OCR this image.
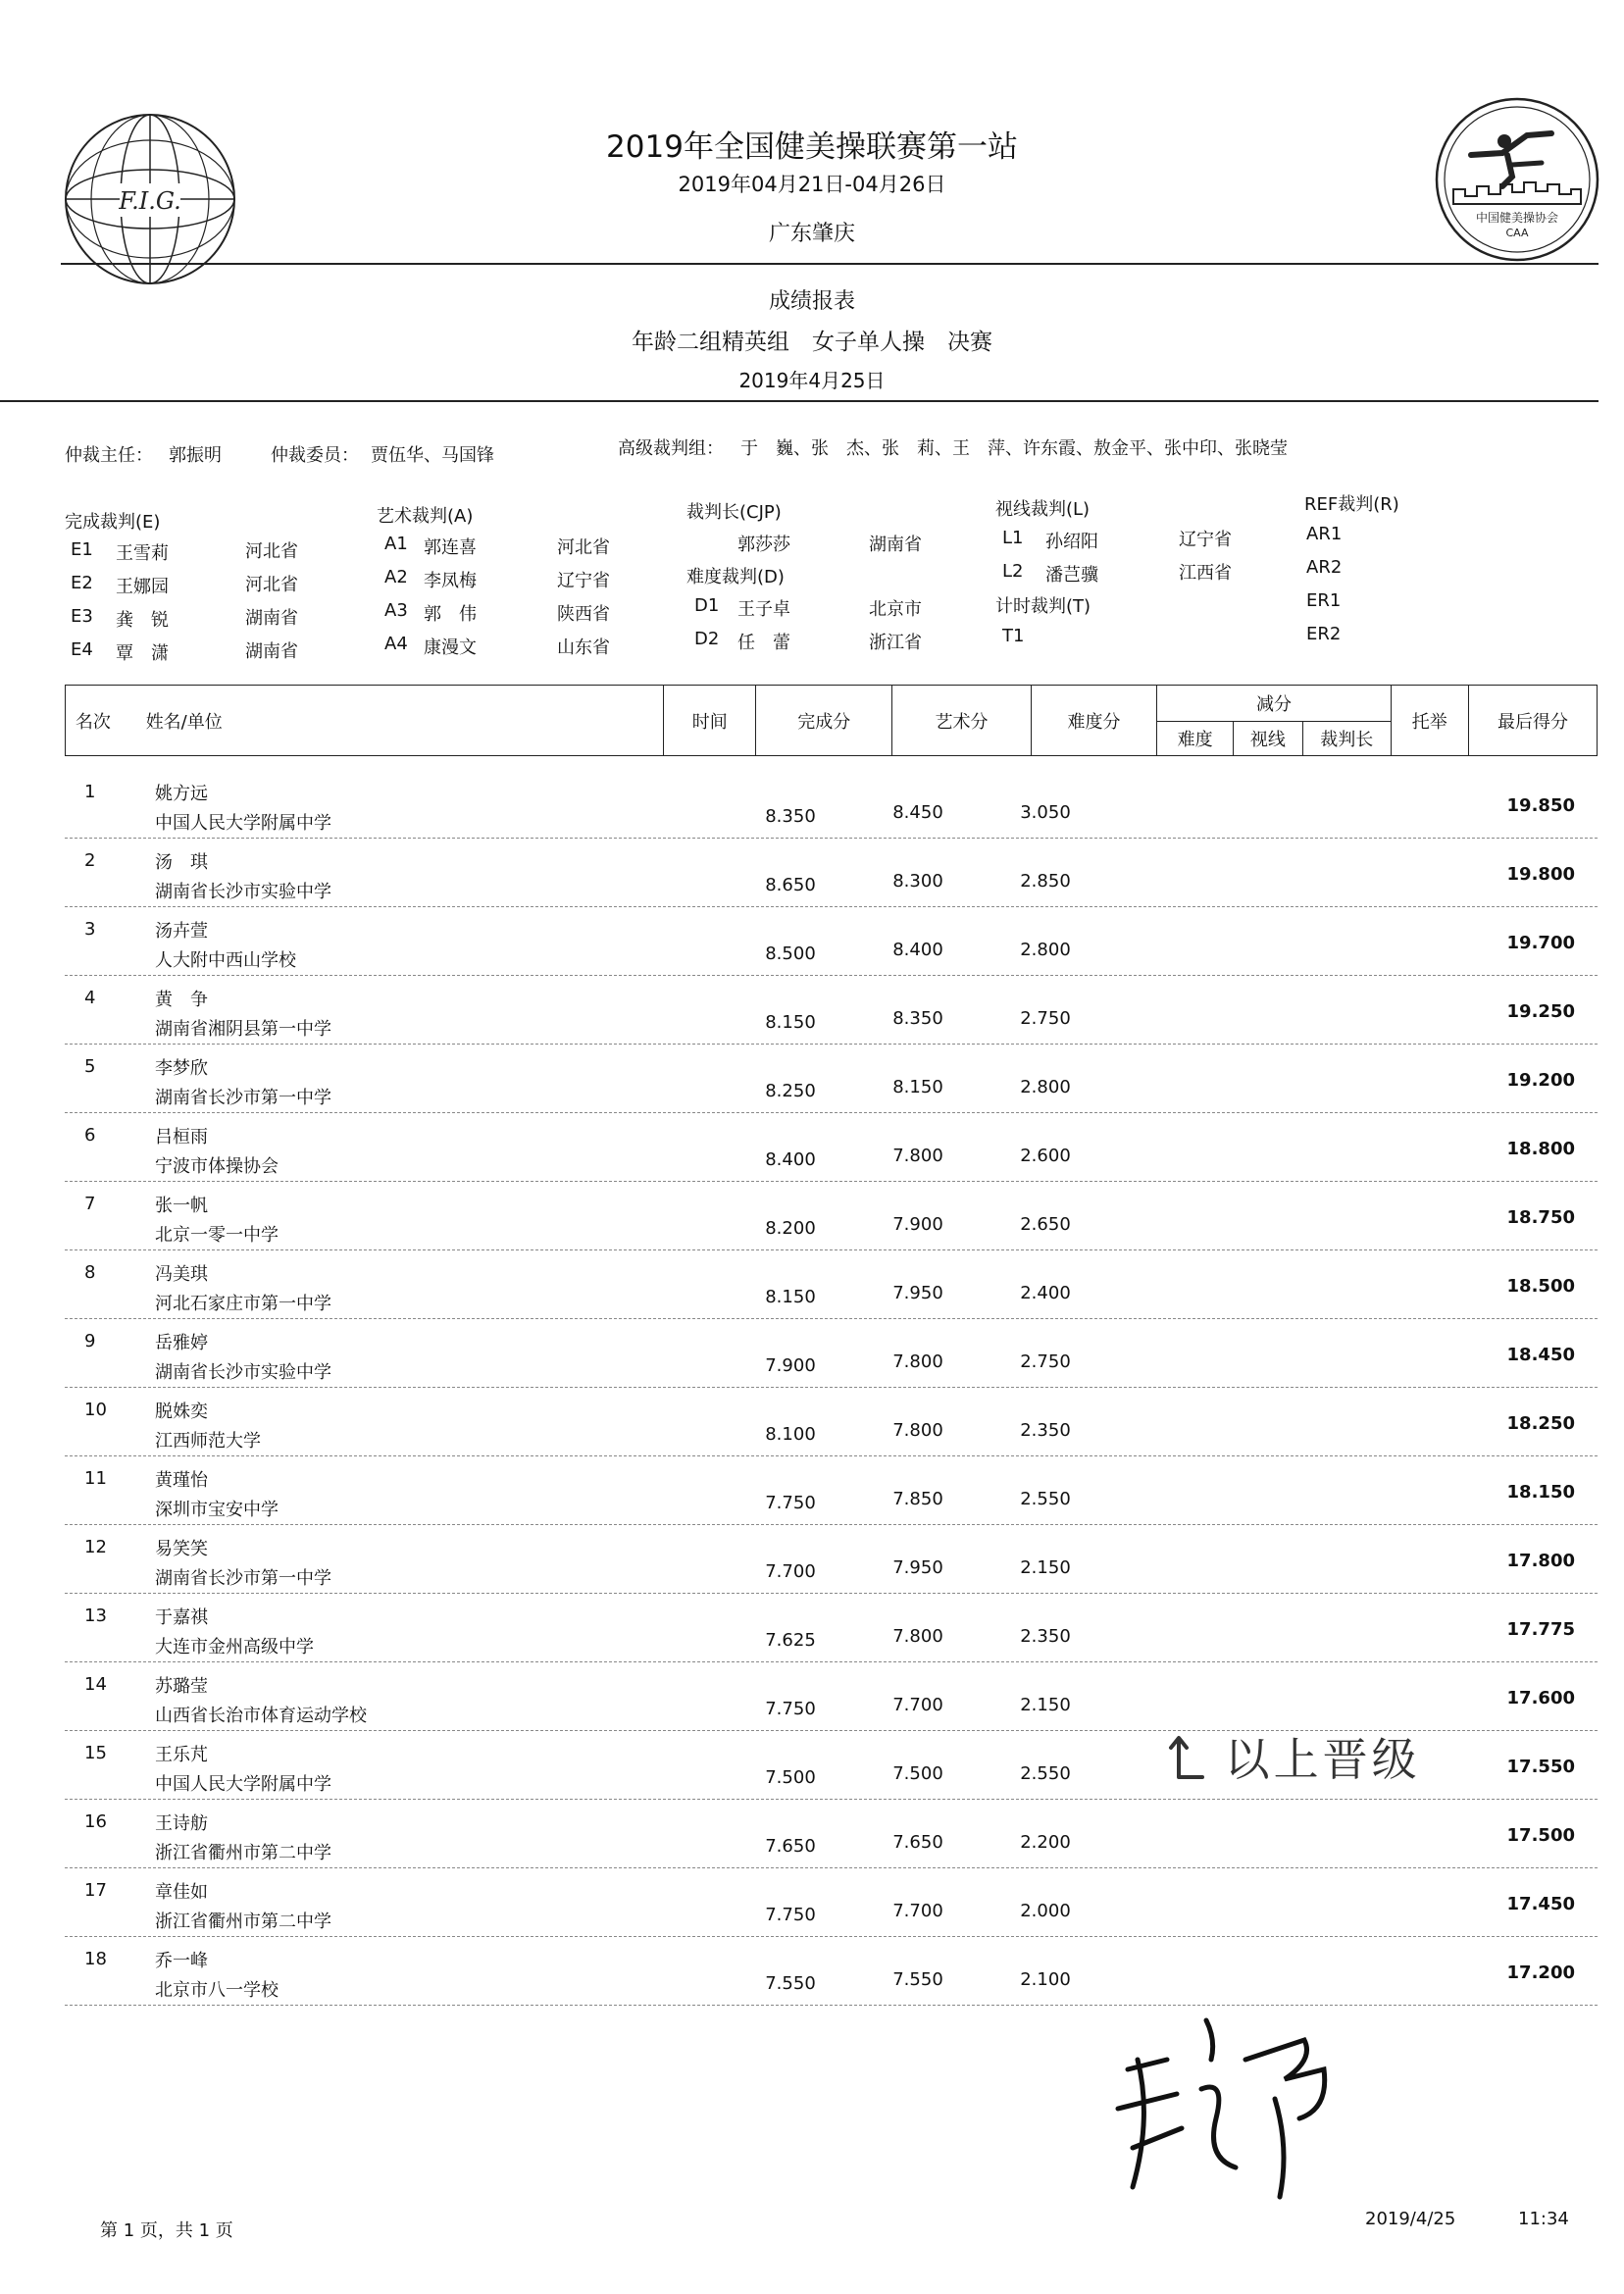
F.I.G.
中国健美操协会
CAA
2019年全国健美操联赛第一站
2019年04月21日-04月26日
广东肇庆
成绩报表
年龄二组精英组　女子单人操　决赛
2019年4月25日
仲裁主任： 郭振明	仲裁委员： 贾伍华、马国锋	高级裁判组： 于　巍、张　杰、张　莉、王　萍、许东霞、敖金平、张中印、张晓莹
完成裁判(E)	艺术裁判(A)	裁判长(CJP)	视线裁判(L)	REF裁判(R)
E1 王雪莉	河北省
E2 王娜园	河北省
E3 龚　锐	湖南省
E4 覃　潇	湖南省
A1 郭连喜	河北省
A2 李凤梅	辽宁省
A3 郭　伟	陕西省
A4 康漫文	山东省
郭莎莎	湖南省
难度裁判(D)
D1 王子卓	北京市
D2 任　蕾	浙江省
L1 孙绍阳	辽宁省
L2 潘芑骥	江西省
计时裁判(T)
T1
AR1
AR2
ER1
ER2
名次	姓名/单位	时间	完成分	艺术分	难度分	减分			托举	最后得分
						难度	视线	裁判长		
1	姚方远
中国人民大学附属中学	8.350	8.450	3.050	19.850
2	汤　琪
湖南省长沙市实验中学	8.650	8.300	2.850	19.800
3	汤卉萱
人大附中西山学校	8.500	8.400	2.800	19.700
4	黄　争
湖南省湘阴县第一中学	8.150	8.350	2.750	19.250
5	李梦欣
湖南省长沙市第一中学	8.250	8.150	2.800	19.200
6	吕桓雨
宁波市体操协会	8.400	7.800	2.600	18.800
7	张一帆
北京一零一中学	8.200	7.900	2.650	18.750
8	冯美琪
河北石家庄市第一中学	8.150	7.950	2.400	18.500
9	岳雅婷
湖南省长沙市实验中学	7.900	7.800	2.750	18.450
10	脱姝奕
江西师范大学	8.100	7.800	2.350	18.250
11	黄瑾怡
深圳市宝安中学	7.750	7.850	2.550	18.150
12	易笑笑
湖南省长沙市第一中学	7.700	7.950	2.150	17.800
13	于嘉祺
大连市金州高级中学	7.625	7.800	2.350	17.775
14	苏璐莹
山西省长治市体育运动学校	7.750	7.700	2.150	17.600
15	王乐芃
中国人民大学附属中学	7.500	7.500	2.550	17.550
16	王诗舫
浙江省衢州市第二中学	7.650	7.650	2.200	17.500
17	章佳如
浙江省衢州市第二中学	7.750	7.700	2.000	17.450
18	乔一峰
北京市八一学校	7.550	7.550	2.100	17.200
以上晋级
第 1 页，共 1 页
2019/4/25	11:34
